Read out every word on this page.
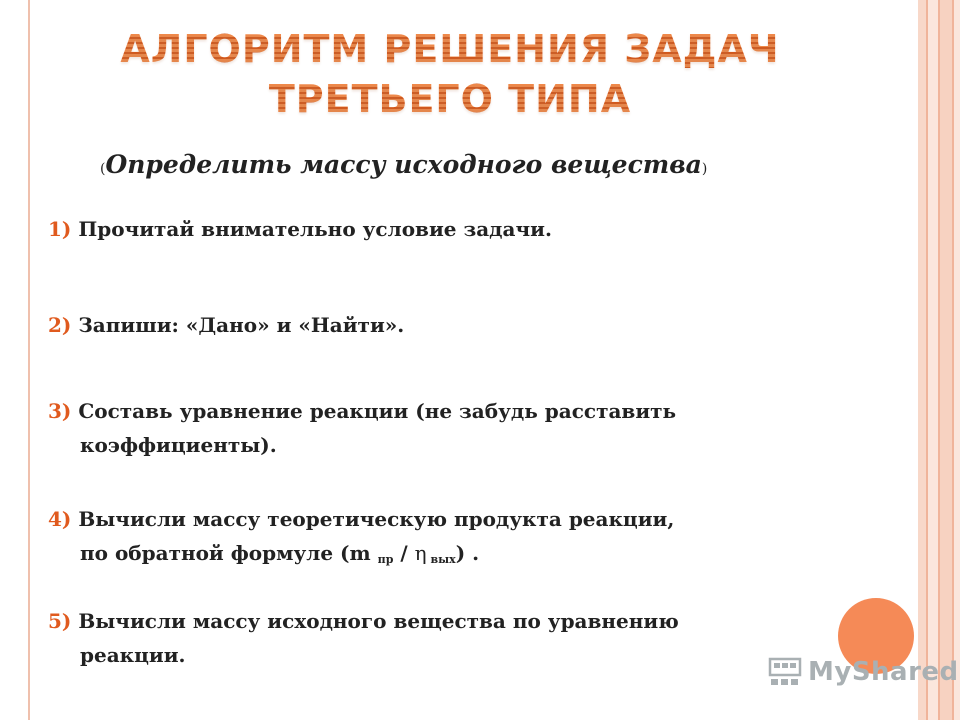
АЛГОРИТМ РЕШЕНИЯ ЗАДАЧ
ТРЕТЬЕГО ТИПА

(Определить массу исходного вещества)

1) Прочитай внимательно условие задачи.
2) Запиши: «Дано» и «Найти».
3) Составь уравнение реакции (не забудь расставить
коэффициенты).
4) Вычисли массу теоретическую продукта реакции,
по обратной формуле (m $_{пр}$ / η $_{вых}$) .
5) Вычисли массу исходного вещества по уравнению
реакции.
MyShared
